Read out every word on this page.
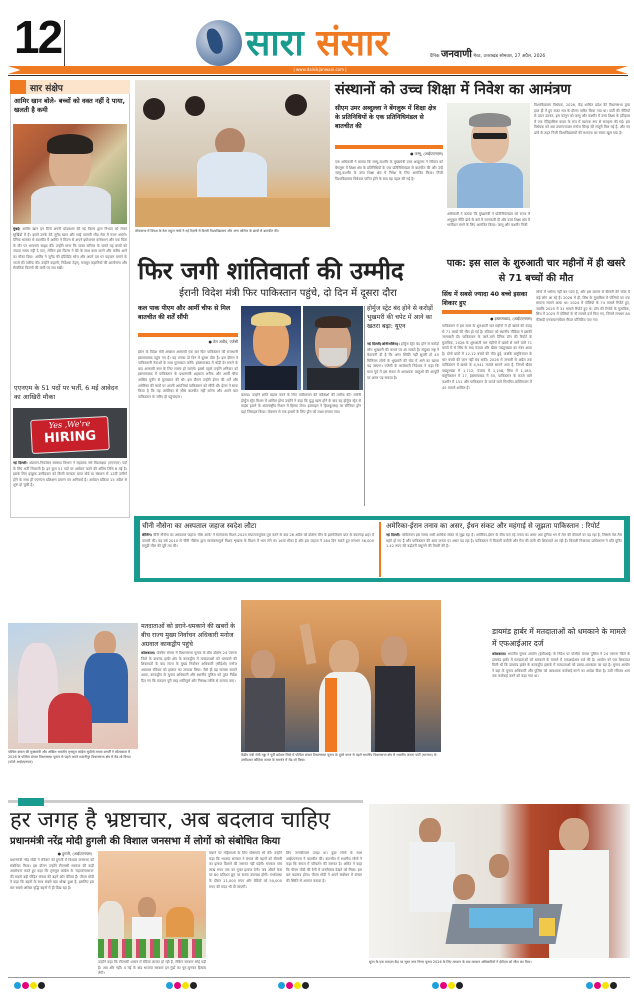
12	सारा संसार	दैनिक जनवाणी मेरठ, उत्तराखंड सोमवार, 27 अप्रैल, 2026
| www.dainikjanwani.com |
सार संक्षेप
आमिर खान बोले- बच्चों को वक्त नहीं दे पाया, खलती है कमी
मुंबई। आमिर खान इन दिनों अपनी प्रोडक्शन की नई फिल्म द्वारा निभाए को लेकर सुर्खियों में हैं। इसमें उनके बेटे जुनैद खान और साई पल्लवी लीड रोल में नजर आएंगे। दैनिक भास्कर से बातचीत में आमिर ने फिल्म से अपने इमोशनल कनेक्शन और एक पिता के तौर पर भावनाएं साझा कीं। उन्होंने माना कि व्यस्त करियर के चलते वह बच्चों को ज्यादा समय नहीं दे पाए, लेकिन इस फिल्म ने बेटे के साथ काम करने और करीब आने का मौका दिया। आमिर ने जुनैद की इंडिपेंडेंट सोच और अपने दम पर पहचान बनाने के जज्बे की तारीफ की। उन्होंने कहानी, निर्देशक टेड्स्, मजबूत कहानियों की आलोचना और रोमांटिक फिल्मों की कमी पर राय रखी।
एएनएम के 51 पदों पर भर्ती, 6 मई आवेदन का आखिरी मौका
Yes ,We're
HIRING
नई दिल्ली। अंडमान-निकोबार स्वास्थ्य विभाग ने सहायक नर्स मिडवाइफ (एएनएम) पदों के लिए भर्ती निकाली है। इन कुल 51 पदों पर आवेदन करने की अंतिम तिथि 6 मई है। इसके लिए इच्छुक उम्मीदवार को किसी मान्यता प्राप्त बोर्ड या संस्थान से 12वीं उत्तीर्ण होने के साथ ही एएनएम प्रशिक्षण प्रमाण पत्र अनिवार्य है। आवेदन प्रक्रिया 15 अप्रैल से शुरू हो चुकी है।
लोकसभा में विपक्ष के नेता राहुल गांधी ने नई दिल्ली में दिल्ली विश्वविद्यालय और अन्य कॉलेज के छात्रों से बातचीत की।
संस्थानों को उच्च शिक्षा में निवेश का आमंत्रण
सीएम उमर अब्दुल्ला ने बेंगलुरू में शिक्षा क्षेत्र के प्रतिनिधियों के एक प्रतिनिधिमंडल से बातचीत की
● जम्मू, (आईएएनएस)
एक अधिकारी ने बताया कि जम्मू-कश्मीर के मुख्यमंत्री उमर अब्दुल्ला ने रविवार को बेंगलुरू में शिक्षा क्षेत्र के प्रतिनिधियों के एक प्रतिनिधिमंडल से बातचीत की और उन्हें जम्मू-कश्मीर के उच्च शिक्षा क्षेत्र में निवेश के लिए आमंत्रित किया। निजी विश्वविद्यालय विधेयक पारित होने के बाद यह पहल की गई है।
अधिकारी ने बताया कि मुख्यमंत्री ने प्रतिनिधिमंडल को राज्य में अनुकूल नीति ढांचे के बारे में जानकारी दी और उच्च शिक्षा क्षेत्र में भागीदार बनने के लिए आमंत्रित किया। जम्मू और कश्मीर निजी
विश्वविद्यालय विधेयक, 2026, केंद्र शासित प्रदेश की विधानसभा द्वारा हाल ही में हुए बजट सत्र के दौरान पारित किया गया था। पार्टी की नीतियों से ऊपर उठकर, इस कानून को जम्मू और कश्मीर में उच्च शिक्षा के इतिहास में एक ऐतिहासिक कदम के रूप में व्यापक रूप से सराहना की गई। इस विधेयक को अब उपराज्यपाल मनोज सिन्हा की मंजूरी मिल गई है, और नए ढांचे के तहत निजी विश्वविद्यालयों की स्थापना का रास्ता खुल गया है।
फिर जगी शांतिवार्ता की उम्मीद
ईरानी विदेश मंत्री फिर पाकिस्तान पहुंचे, दो दिन में दूसरा दौरा
कल पाक पीएम और आर्मी चीफ से मिल बातचीत की शर्तें सौंपी
● तेल अवीव, एजेंसी
ईरान के विदेश मंत्री अब्बास अराघची एक बार फिर पाकिस्तान की राजधानी इस्लामाबाद पहुंच गए हैं। यह उनका दो दिन में दूसरा दौरा है। इस दौरान वे पाकिस्तानी नेताओं के साथ मुलाकात करेंगे। इस्लामाबाद में थोड़ी देर रुकने के बाद अराघची रूस के लिए रवाना हो जाएंगे। इससे पहले उन्होंने शनिवार को इस्लामाबाद में पाकिस्तान के प्रधानमंत्री शहबाज शरीफ और आर्मी चीफ आसिम मुनीर से मुलाकात की थी। इस दौरान उन्होंने ईरान की शर्तें और अमेरिका की बातों पर अपनी आपत्तियां पाकिस्तान को सौंपी थीं। ईरान ने साफ किया है कि वह अमेरिका से सीधे बातचीत नहीं करेगा और अपने बात पाकिस्तान के जरिए ही पहुंचाएगा।	बताया। उन्होंने शांति बहाल करने के लिए पाकिस्तान की कोशिशों की तारीफ की। जर्मनी होर्मुज स्ट्रेट मिशन में शामिल होगा उन्होंने ने कहा कि युद्ध खत्म होने के बाद वह होर्मुज स्ट्रेट से माइंस हटाने के अंतरराष्ट्रीय मिशन में हिस्सा लेगा। इजराइल ने हिजबुल्लाह का सीनियर ड्रोन यहां जिराइल किया। लेबनान से एक हमलों के लिए ड्रोन को लक्ष्य बनाया गया।
होर्मुज स्ट्रेट बंद होने से करोड़ों भुखमरी की चपेट में आने का खतरा बढ़ा: यूएन
नई दिल्ली(ओनीजलिस)। होर्मुज स्ट्रेट बंद होने से करोड़ों लोग भुखमरी की कगार पर आ सकते हैं। संयुक्त राष्ट्र ने चेतावनी दी है कि अगर स्थिति नहीं सुधरी तो 45 मिलियन लोगों के भुखमरी की चोट में आने का खतरा बढ़ जाएगा। एजेंसी के कार्यकारी निदेशक ने कहा कि मध्य पूर्व में इस संकट से आवश्यक वस्तुओं की आपूर्ति पर असर पड़ सकता है।
पाक: इस साल के शुरुआती चार महीनों में ही खसरे से 71 बच्चों की मौत
सिंध में सबसे ज्यादा 40 बच्चे इसका शिकार हुए
● इस्लामाबाद, (आईएएनएस)
पाकिस्तान में इस साल के शुरुआती चार महीनों में ही खसरे की वजह से 71 बच्चों की मौत हो गई है। रविवार को स्थानीय मीडिया ने इसकी जानकारी दी। पाकिस्तान के जाने-माने दैनिक डॉन की रिपोर्ट के मुताबिक, 2026 के शुरुआती चार महीनों में खसरे से मरने वाले 71 बच्चों में से सिंध के बाद पंजाब और खैबर पख्तूनख्वा का नंबर आता है। दोनों प्रांतों में 12-12 बच्चों की मौत हुई, जबकि बलूचिस्तान के चार बच्चों की जान नहीं बच सकी। 2026 में जनवरी से अप्रैल तक पाकिस्तान में खसरे के 4,541 मामले सामने आए हैं, जिनमें खैबर पख्तूनख्वा में 1,712, पंजाब में 1,198, सिंध में 1,183, बलूचिस्तान में 17, इस्लामाबाद में 55, पाकिस्तान के कब्जे वाले कश्मीर में 151 और पाकिस्तान के कब्जे वाले गिलगित-बाल्टिस्तान में 45 मामले शामिल हैं।
लोगों में भरोसा नहीं बन पाता है, और इस कारण से बीमारी की चपेट में कई लोग आ रहे हैं। 2026 में ही, सिंध के मुताबिक में पोलियो का एक मामला सामने आया था। 2024 में पोलियो के 74 मामले रिपोर्ट हुए, जबकि 2025 में 31 मामले रिपोर्ट हुए थे। डॉन की रिपोर्ट के मुताबिक, सिंध में 2025 में पोलियो के नौ मामले दर्ज किए गए, जिनमें लगभग 80 फीसदी एनवायरनमेंटल सैंपल पॉजिटिव पाए गए।
चीनी नौसेना का अस्पताल जहाज स्वदेश लौटा
बीजिंग। चीनी नौसेना का अस्पताल जहाज 'पीस आर्क' ने सामंजस्य मिशन-2025 सफलतापूर्वक पूरा करने के बाद 26 अप्रैल को दक्षिण चीन के झानजियांग प्रांत के बंदरगाह शहर में वापसी की। यह वर्ष 2010 से चीनी नौसेना द्वारा सामंजस्यपूर्ण मिशन शृंखला के मिशन में भाग लेने का 16वां मौका है और इस जहाज ने 284 दिन चलते हुए लगभग 36,000 समुद्री मील की दूरी तय की।
अमेरिका-ईरान तनाव का असर, ईंधन संकट और महंगाई से जूझता पाकिस्तान : रिपोर्ट
नई दिल्ली। पाकिस्तान इस समय भारी आर्थिक संकट से जूझ रहा है। अमेरिका-ईरान के बीच चल रहे तनाव का असर अब दुनिया भर में तेल की कीमतों पर पड़ रहा है, जिससे तेल-गैस महंगे हो गए हैं और पाकिस्तान की आम जनता पर असर पड़ रहा है। पाकिस्तान में बिजली कटौती और गैस की कमी की शिकायतें आ रही हैं। बिजली नियामक प्राधिकरण ने प्रति यूनिट 1.42 रुपए की बढ़ोतरी वसूलने की तैयारी की है।
पश्चिम बंगाल की मुख्यमंत्री और अखिल भारतीय तृणमूल कांग्रेस सुप्रीमो ममता बनर्जी ने कोलकाता में 2026 के पश्चिम बंगाल विधानसभा चुनाव से पहले अपने भवानीपुर विधानसभा क्षेत्र में रोड शो किया। (फोटो आईएएनएस)
मतदाताओं को डराने-धमकाने की खबरों के बीच राज्य मुख्य निर्वाचन अधिकारी मनोज अग्रवाल काकद्वीप पहुंचे
कोलकाता। पश्चिम बंगाल में विधानसभा चुनाव के बीच दक्षिण 24 परगना जिले के डायमंड हार्बर क्षेत्र के काकद्वीप में मतदाताओं को धमकाने की शिकायतों के बाद राज्य के मुख्य निर्वाचन अधिकारी (सीईओ) मनोज अग्रवाल रविवार को हालात का जायजा लिया। जैसे ही यह मामला सामने आया, काकद्वीप के चुनाव अधिकारी और स्थानीय पुलिस को तुरंत निर्देश दिए गए कि मतदान पूरी तरह शांतिपूर्ण और निष्पक्ष तरीके से कराया जाए।
केंद्रीय मंत्री जेपी नड्डा ने पूर्वी बर्दवान जिले में पश्चिम बंगाल विधानसभा चुनाव के दूसरे चरण से पहले भारतीय विधानसभा क्षेत्र से भारतीय जनता पार्टी (भाजपा) के उम्मीदवार कौशिक कमल के समर्थन में रोड शो किया।
डायमंड हार्बर में मतदाताओं को धमकाने के मामले में एफआईआर दर्ज
कोलकाता। भारतीय चुनाव आयोग (ईसीआई) के निर्देश पर पश्चिम बंगाल पुलिस ने 24 परगना जिले के डायमंड हार्बर में मतदाताओं को धमकाने के मामले में एफआईआर दर्ज की है। आयोग को एक शिकायत मिली थी कि डायमंड हार्बर के काकद्वीप इलाके में मतदाताओं को डराया-धमकाया जा रहा है। चुनाव आयोग ने वहां के चुनाव अधिकारी और पुलिस को आवश्यक कार्रवाई करने का आदेश दिया है। उसी रविवार शाम तक कार्रवाई करने को कहा गया था।
हर जगह है भ्रष्टाचार, अब बदलाव चाहिए
प्रधानमंत्री नरेंद्र मोदी हुगली की विशाल जनसभा में लोगों को संबोधित किया
● हुगली, (आईएएनएस)
प्रधानमंत्री नरेंद्र मोदी ने रविवार को हुगली में विशाल जनसभा को संबोधित किया। इस दौरान उन्होंने टीएमसी सरकार की कड़ी आलोचना करते हुए कहा कि तृणमूल कांग्रेस के 'महाजंगलराज' की सबसे बड़ी पीड़ित बंगाल की बहनें और बेटियां हैं। पीएम मोदी ने कहा कि बहनों के साथ सबसे बड़ा धोखा हुआ है, इसलिए इस बार सबसे अधिक वृद्धि बहनों में ही दिख रहा है।
उन्होंने कहा कि टीएमसी शासन में बेटियां लाचार हो रही हैं, लेकिन सरकार सोई पड़ी है। अब और नहीं। 4 मई के बाद भाजपा सरकार इन गुंडों का चुन-चुनकर हिसाब लेगी।
बचाने पर महिलाओं के लिए घोषणाएं भी कीं। उन्होंने कहा कि भाजपा सरकार ने बंगाल की बहनों को बीमारी का इलाज दिलाने की जरूरत नहीं पड़ेगी। सरकार पांच लाख रुपए तक का मुफ्त इलाज देगी। जब औरतें केस पर 80 प्रतिशत छूट पर सस्ता उपलब्ध होगी। गर्भावस्था के दौरान 21,000 रुपए और बेटियों को 50,000 रुपए की मदद भी दी जाएगी।
लिए जनकीलाल उमड़ा था। कुछ लोगों के साथ आईएएनएस ने बातचीत की। बातचीत में स्थानीय लोगों ने कहा कि बंगाल में परिवर्तन की जरूरत है। अमित ने कहा कि पीएम मोदी की रैली में जनसैलाब देखने को मिला। इस बार बदलाव होगा। पीएम मोदी ने अपने संबोधन में बंगाल की स्थिति से अवगत कराया है।
सूरत के एक मतदान केंद्र पर सूरत नगर निगम चुनाव 2026 के लिए मतदान के बाद मतदान अधिकारियों ने ईवीएम को सील कर दिया।
